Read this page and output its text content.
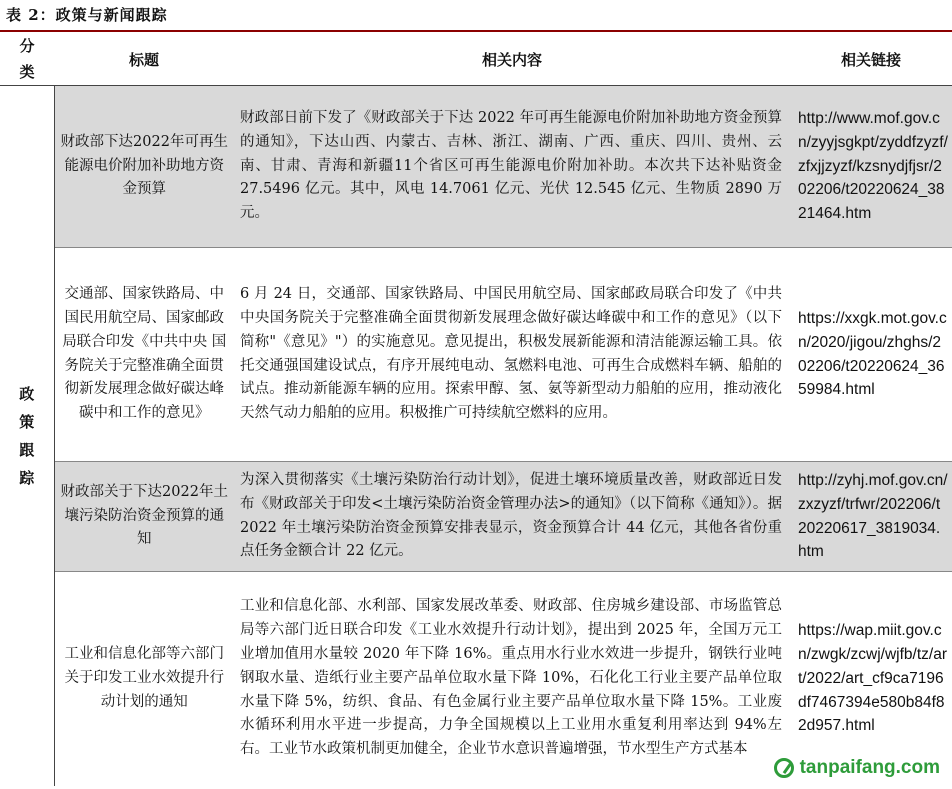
表 2：政策与新闻跟踪
分类	标题	相关内容	相关链接
政策跟踪	财政部下达2022年可再生能源电价附加补助地方资金预算	财政部日前下发了《财政部关于下达 2022 年可再生能源电价附加补助地方资金预算的通知》，下达山西、内蒙古、吉林、浙江、湖南、广西、重庆、四川、贵州、云南、甘肃、青海和新疆11个省区可再生能源电价附加补助。本次共下达补贴资金 27.5496 亿元。其中，风电 14.7061 亿元、光伏 12.545 亿元、生物质 2890 万元。	http://www.mof.gov.cn/zyyjsgkpt/zyddfzyzf/zfxjjzyzf/kzsnydjfjsr/202206/t20220624_3821464.htm
	交通部、国家铁路局、中国民用航空局、国家邮政局联合印发《中共中央 国务院关于完整准确全面贯彻新发展理念做好碳达峰碳中和工作的意见》	6 月 24 日，交通部、国家铁路局、中国民用航空局、国家邮政局联合印发了《中共中央国务院关于完整准确全面贯彻新发展理念做好碳达峰碳中和工作的意见》（以下简称"《意见》"）的实施意见。意见提出，积极发展新能源和清洁能源运输工具。依托交通强国建设试点，有序开展纯电动、氢燃料电池、可再生合成燃料车辆、船舶的试点。推动新能源车辆的应用。探索甲醇、氢、氨等新型动力船舶的应用，推动液化天然气动力船舶的应用。积极推广可持续航空燃料的应用。	https://xxgk.mot.gov.cn/2020/jigou/zhghs/202206/t20220624_3659984.html
	财政部关于下达2022年土壤污染防治资金预算的通知	为深入贯彻落实《土壤污染防治行动计划》，促进土壤环境质量改善，财政部近日发布《财政部关于印发<土壤污染防治资金管理办法>的通知》（以下简称《通知》）。据 2022 年土壤污染防治资金预算安排表显示，资金预算合计 44 亿元，其他各省份重点任务金额合计 22 亿元。	http://zyhj.mof.gov.cn/zxzyzf/trfwr/202206/t20220617_3819034.htm
	工业和信息化部等六部门关于印发工业水效提升行动计划的通知	工业和信息化部、水利部、国家发展改革委、财政部、住房城乡建设部、市场监管总局等六部门近日联合印发《工业水效提升行动计划》，提出到 2025 年，全国万元工业增加值用水量较 2020 年下降 16%。重点用水行业水效进一步提升，钢铁行业吨钢取水量、造纸行业主要产品单位取水量下降 10%，石化化工行业主要产品单位取水量下降 5%，纺织、食品、有色金属行业主要产品单位取水量下降 15%。工业废水循环利用水平进一步提高，力争全国规模以上工业用水重复利用率达到 94%左右。工业节水政策机制更加健全，企业节水意识普遍增强，节水型生产方式基本	https://wap.miit.gov.cn/zwgk/zcwj/wjfb/tz/art/2022/art_cf9ca7196df7467394e580b84f82d957.html
tanpaifang.com
